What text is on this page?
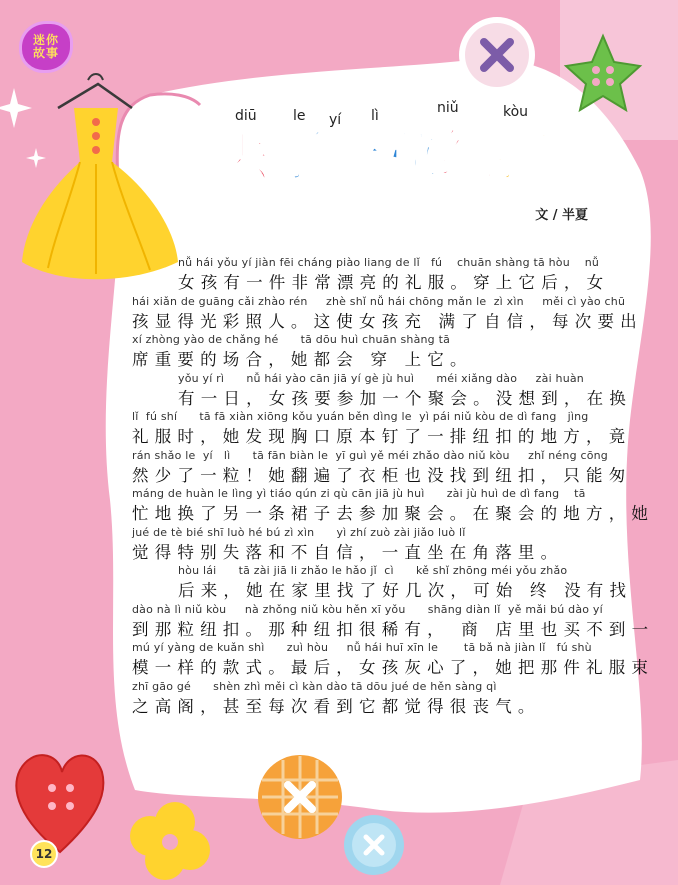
迷你
故事
diū	le yí lì	niǔ	kòu
丢 了 一 粒 纽 扣
文 / 半夏
nǚ hái yǒu yí jiàn fēi cháng piào liang de lǐ   fú    chuān shàng tā hòu    nǚ
女孩有一件非常漂亮的礼服。穿上它后，女
hái xiǎn de guāng cǎi zhào rén     zhè shǐ nǚ hái chōng mǎn le  zì xìn     měi cì yào chū
孩显得光彩照人。这使女孩充 满了自信，每次要出
xí zhòng yào de chǎng hé      tā dōu huì chuān shàng tā
席重要的场合，她都会 穿 上它。
yǒu yí rì      nǚ hái yào cān jiā yí gè jù huì      méi xiǎng dào     zài huàn
有一日，女孩要参加一个聚会。没想到，在换
lǐ  fú shí      tā fā xiàn xiōng kǒu yuán běn dìng le  yì pái niǔ kòu de dì fang   jìng
礼服时，她发现胸口原本钉了一排纽扣的地方，竟
rán shǎo le  yí   lì      tā fān biàn le  yī guì yě méi zhǎo dào niǔ kòu     zhǐ néng cōng
然少了一粒！她翻遍了衣柜也没找到纽扣，只能匆
máng de huàn le lìng yì tiáo qún zi qù cān jiā jù huì      zài jù huì de dì fang    tā
忙地换了另一条裙子去参加聚会。在聚会的地方，她
jué de tè bié shī luò hé bú zì xìn      yì zhí zuò zài jiǎo luò lǐ
觉得特别失落和不自信，一直坐在角落里。
hòu lái      tā zài jiā li zhǎo le hǎo jǐ  cì      kě shǐ zhōng méi yǒu zhǎo
后来，她在家里找了好几次，可始 终 没有找
dào nà lì niǔ kòu     nà zhǒng niǔ kòu hěn xī yǒu      shāng diàn lǐ  yě mǎi bú dào yí
到那粒纽扣。那种纽扣很稀有， 商 店里也买不到一
mú yí yàng de kuǎn shì      zuì hòu     nǚ hái huī xīn le       tā bǎ nà jiàn lǐ   fú shù
模一样的款式。最后，女孩灰心了，她把那件礼服束
zhī gāo gé      shèn zhì měi cì kàn dào tā dōu jué de hěn sàng qì
之高阁，甚至每次看到它都觉得很丧气。
12
